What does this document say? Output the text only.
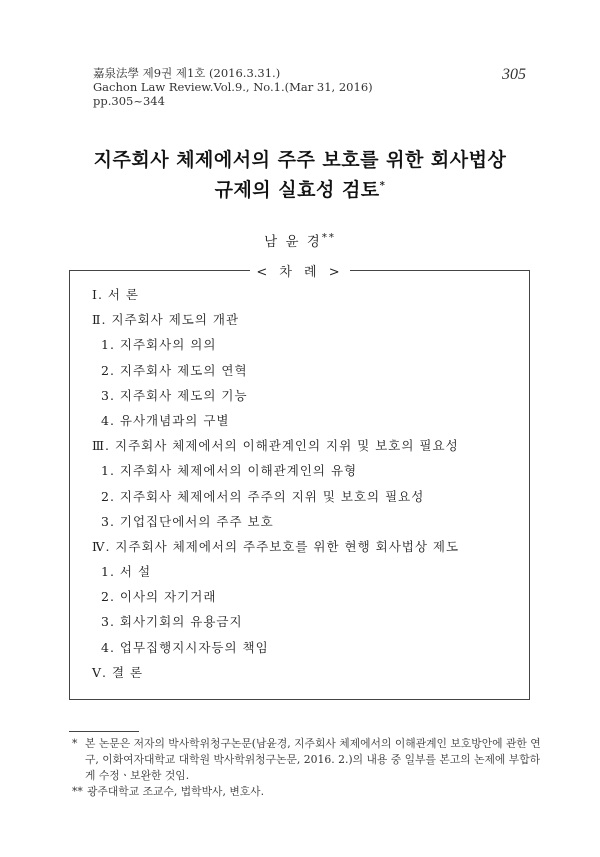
嘉泉法學 제9권 제1호 (2016.3.31.)
Gachon Law Review.Vol.9., No.1.(Mar 31, 2016)
pp.305~344
305
지주회사 체제에서의 주주 보호를 위한 회사법상
규제의 실효성 검토*
남 윤 경**
< 차 례 >
Ⅰ. 서 론
Ⅱ. 지주회사 제도의 개관
1. 지주회사의 의의
2. 지주회사 제도의 연혁
3. 지주회사 제도의 기능
4. 유사개념과의 구별
Ⅲ. 지주회사 체제에서의 이해관계인의 지위 및 보호의 필요성
1. 지주회사 체제에서의 이해관계인의 유형
2. 지주회사 체제에서의 주주의 지위 및 보호의 필요성
3. 기업집단에서의 주주 보호
Ⅳ. 지주회사 체제에서의 주주보호를 위한 현행 회사법상 제도
1. 서 설
2. 이사의 자기거래
3. 회사기회의 유용금지
4. 업무집행지시자등의 책임
Ⅴ. 결 론
* 본 논문은 저자의 박사학위청구논문(남윤경, 지주회사 체제에서의 이해관계인 보호방안에 관한 연구, 이화여자대학교 대학원 박사학위청구논문, 2016. 2.)의 내용 중 일부를 본고의 논제에 부합하게 수정ㆍ보완한 것임.
** 광주대학교 조교수, 법학박사, 변호사.
